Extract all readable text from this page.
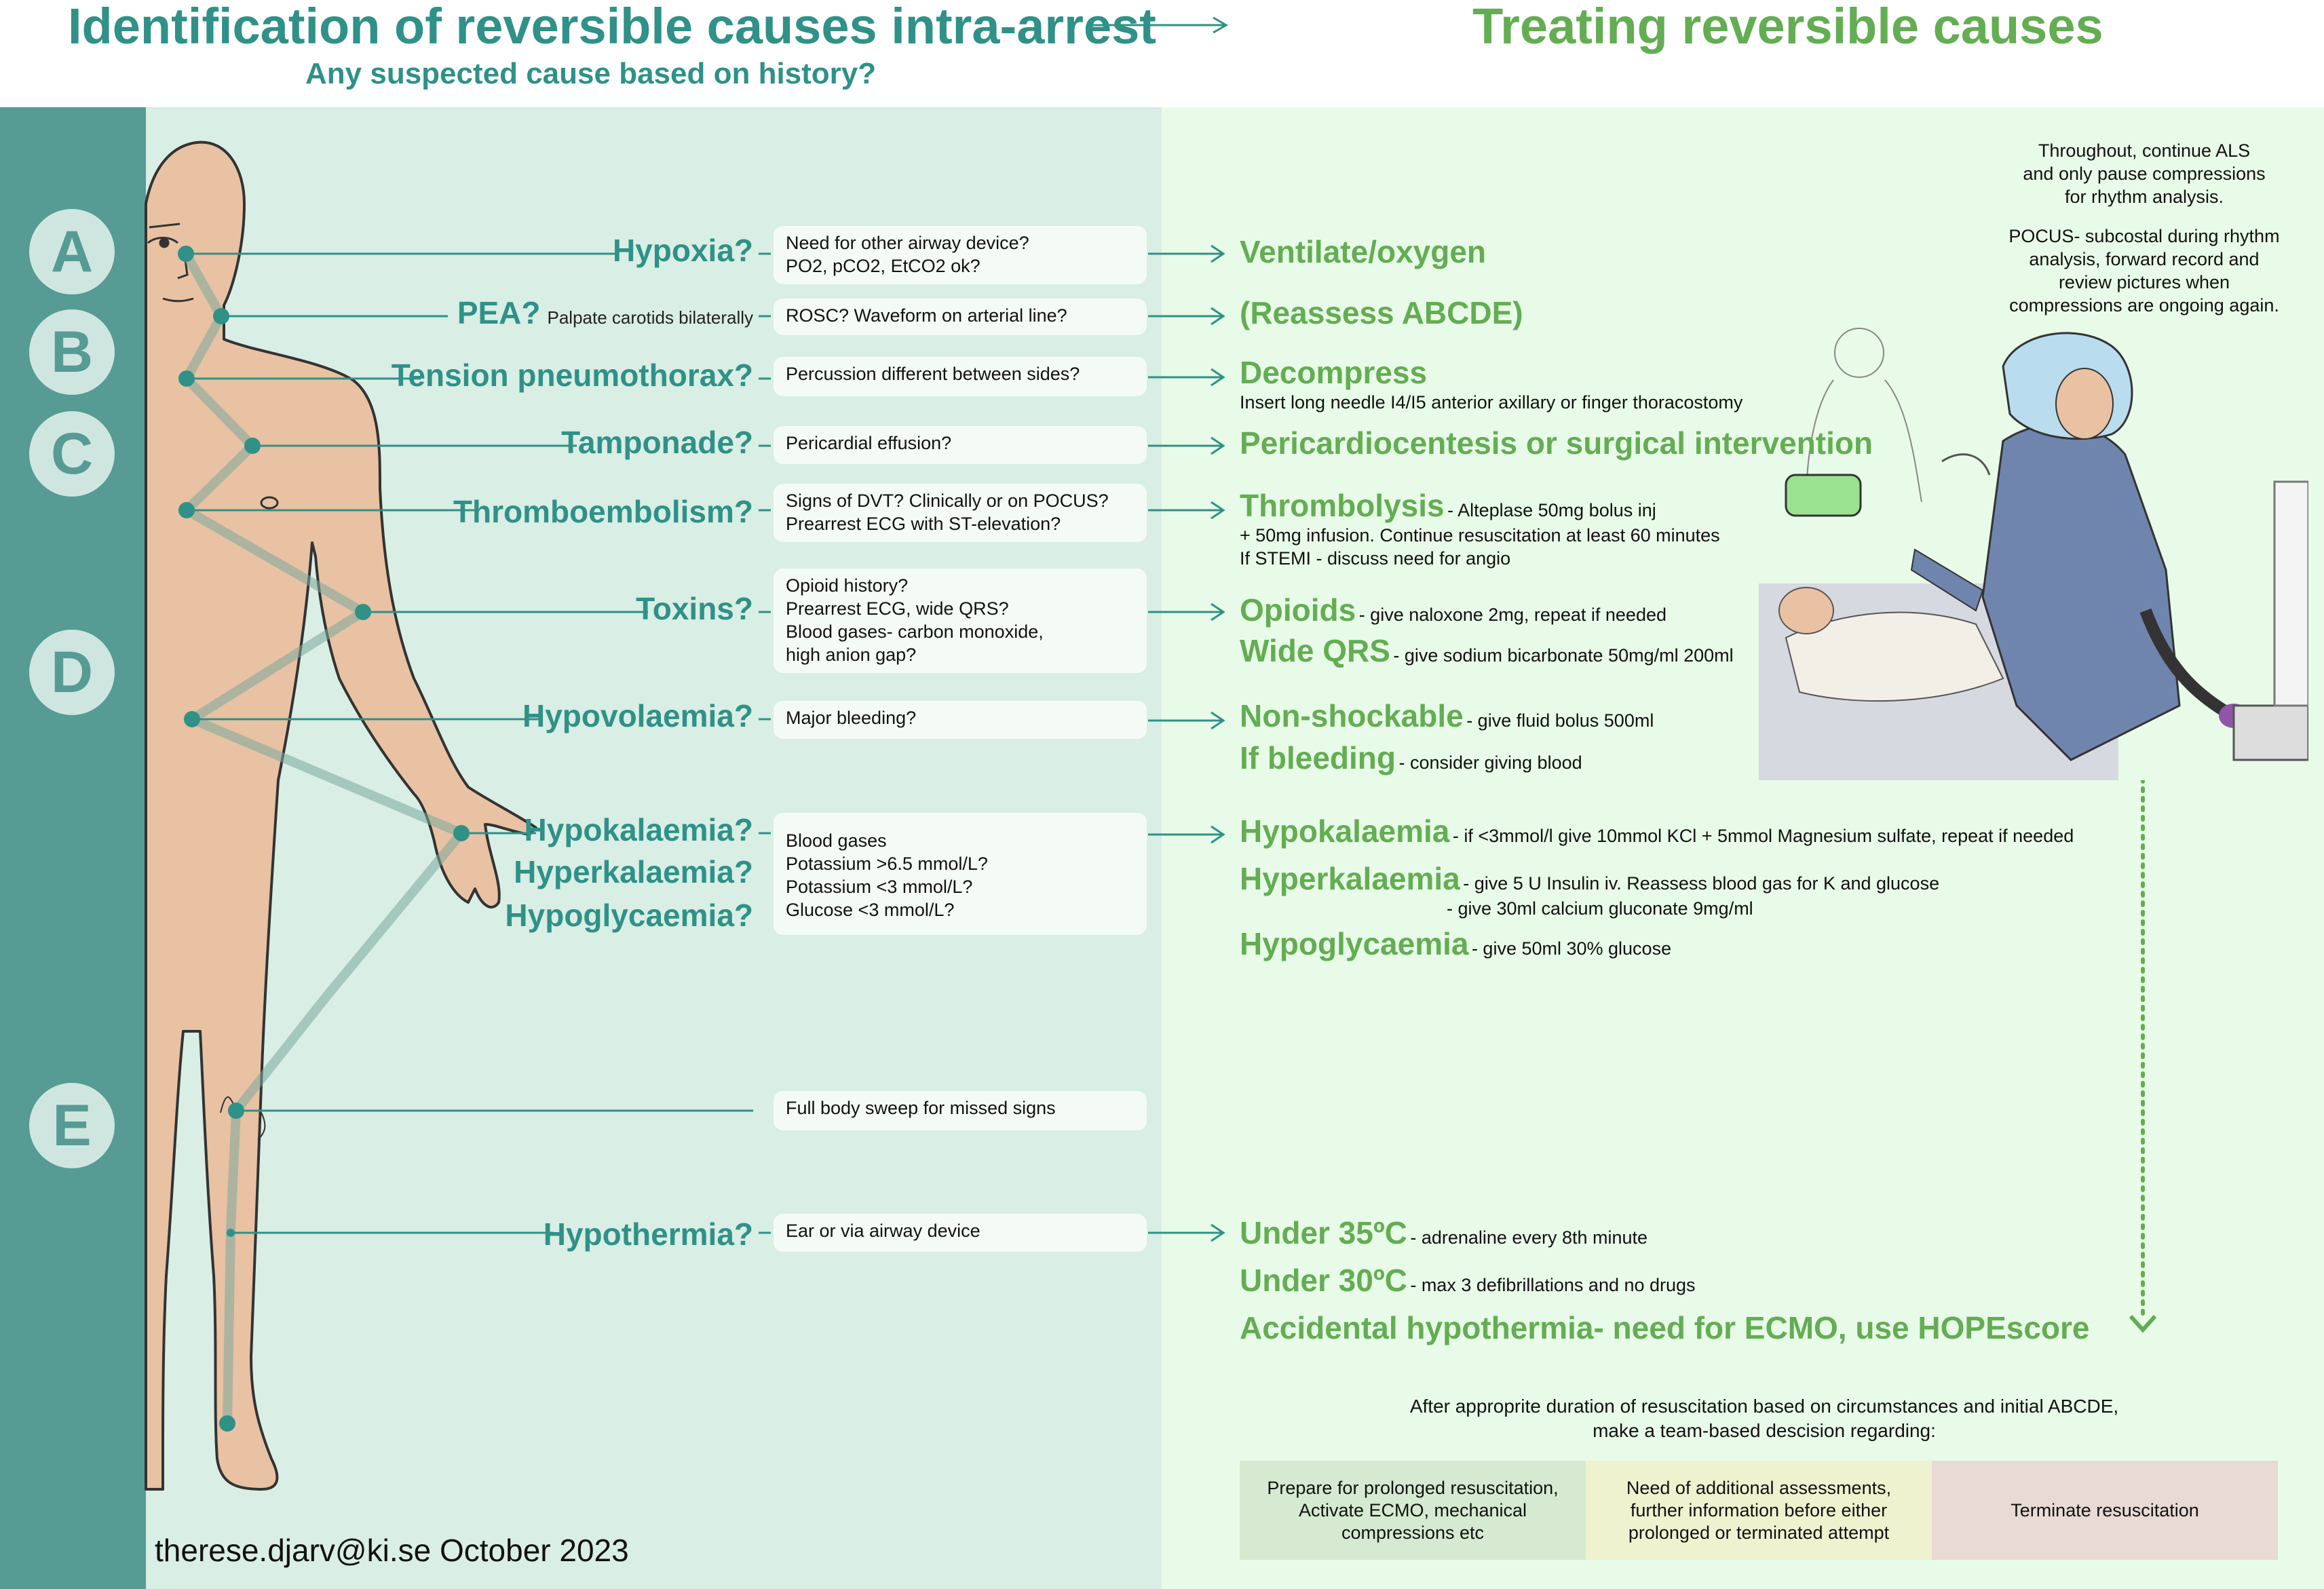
Identification of reversible causes intra-arrest
Any suspected cause based on history?
Treating reversible causes
A
B
C
D
E
Hypoxia?
PEA? Palpate carotids bilaterally
Tension pneumothorax?
Tamponade?
Thromboembolism?
Toxins?
Hypovolaemia?
Hypokalaemia?
Hyperkalaemia?
Hypoglycaemia?
Hypothermia?
Need for other airway device?
PO2, pCO2, EtCO2 ok?
ROSC? Waveform on arterial line?
Percussion different between sides?
Pericardial effusion?
Signs of DVT? Clinically or on POCUS?
Prearrest ECG with ST-elevation?
Opioid history?
Prearrest ECG, wide QRS?
Blood gases- carbon monoxide,
high anion gap?
Major bleeding?
Blood gases
Potassium >6.5 mmol/L?
Potassium <3 mmol/L?
Glucose <3 mmol/L?
Full body sweep for missed signs
Ear or via airway device
Ventilate/oxygen
(Reassess ABCDE)
Decompress
Insert long needle I4/I5 anterior axillary or finger thoracostomy
Pericardiocentesis or surgical intervention
Thrombolysis - Alteplase 50mg bolus inj
+ 50mg infusion. Continue resuscitation at least 60 minutes
If STEMI - discuss need for angio
Opioids - give naloxone 2mg, repeat if needed
Wide QRS - give sodium bicarbonate 50mg/ml 200ml
Non-shockable - give fluid bolus 500ml
If bleeding - consider giving blood
Hypokalaemia - if <3mmol/l give 10mmol KCl + 5mmol Magnesium sulfate, repeat if needed
Hyperkalaemia - give 5 U Insulin iv. Reassess blood gas for K and glucose
- give 30ml calcium gluconate 9mg/ml
Hypoglycaemia - give 50ml 30% glucose
Under 35ºC - adrenaline every 8th minute
Under 30ºC - max 3 defibrillations and no drugs
Accidental hypothermia- need for ECMO, use HOPEscore
Throughout, continue ALS
and only pause compressions
for rhythm analysis.
POCUS- subcostal during rhythm
analysis, forward record and
review pictures when
compressions are ongoing again.
After appropritе duration of resuscitation based on circumstances and initial ABCDE,
make a team-based descision regarding:
Prepare for prolonged resuscitation,
Activate ECMO, mechanical
compressions etc
Need of additional assessments,
further information before either
prolonged or terminated attempt
Terminate resuscitation
therese.djarv@ki.se October 2023
